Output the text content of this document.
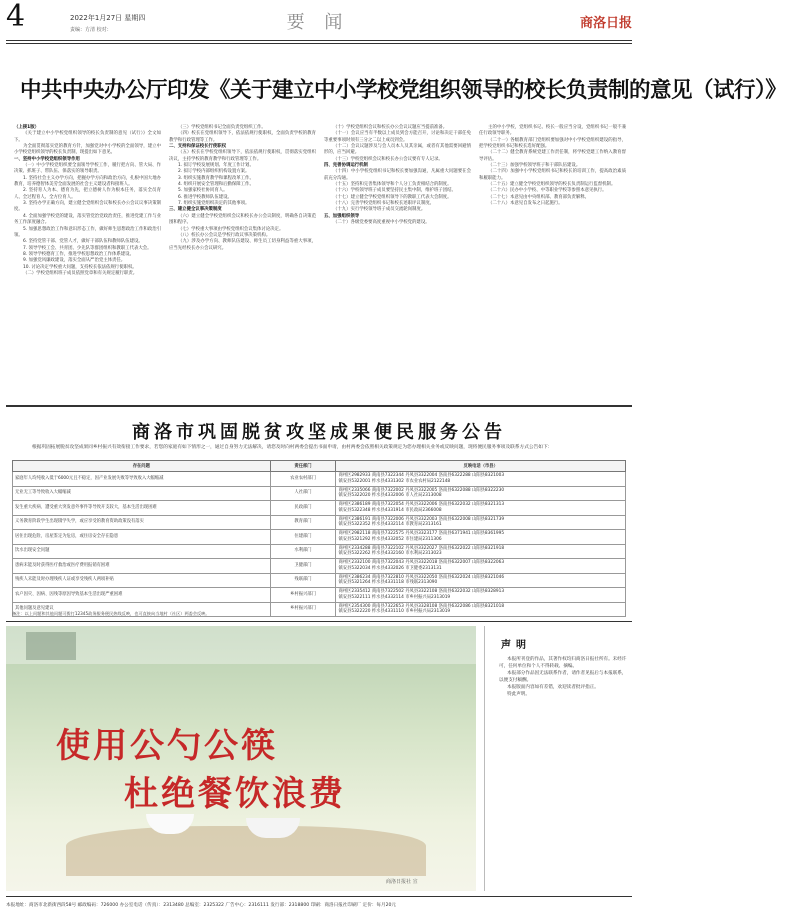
4	2022年1月27日 星期四
责编：方清 校对：	要 闻	商洛日报
中共中央办公厅印发《关于建立中小学校党组织领导的校长负责制的意见（试行）》

（上接1版）

《关于建立中小学校党组织领导的校长负责制的意见（试行）》全文如下。

为全面贯彻落实党的教育方针，加强党对中小学校的全面领导，建立中小学校党组织领导的校长负责制，现提出如下意见。

一、坚持中小学校党组织领导作用

（一）中小学校党组织要全面领导学校工作，履行把方向、管大局、作决策、抓班子、带队伍、保落实的领导职责。

1. 坚持社会主义办学方向，把握办学方向和政治方向，扎根中国大地办教育，培养德智体美劳全面发展的社会主义建设者和接班人。

2. 坚持育人为本、德育为先，把立德树人作为根本任务，落实全员育人、全过程育人、全方位育人。

3. 坚持办学正确方向，建立健全党组织会议和校长办公会议议事决策制度。

4. 全面加强学校党的建设，落实管党治党政治责任，推进党建工作与业务工作深度融合。

5. 加强思想政治工作和意识形态工作，做好师生思想政治工作和政治引领。

6. 坚持党管干部、党管人才，做好干部队伍和教师队伍建设。

7. 领导学校工会、共青团、少先队等群团组织和教职工代表大会。

8. 领导学校德育工作，推进学校思想政治工作体系建设。

9. 加强党风廉政建设，落实全面从严治党主体责任。

10. 讨论决定学校重大问题，支持校长依法依规行使职权。

（二）学校党组织班子成员依照党章和有关规定履行职责。

（三）学校党组织书记全面负责党组织工作。

（四）校长在党组织领导下，依法依规行使职权，全面负责学校的教育教学和行政管理等工作。

二、支持和保证校长行使职权

（五）校长在学校党组织领导下，依法依规行使职权，贯彻落实党组织决议，主持学校的教育教学和行政管理等工作。

1. 拟订学校发展规划、年度工作计划。

2. 拟订学校内部组织机构设置方案。

3. 组织实施教育教学和课程改革工作。

4. 组织开展安全管理和后勤保障工作。

5. 加强家校社协同育人。

6. 推进学校教师队伍建设。

7. 组织实施党组织决定的其他事项。

三、建立健全议事决策制度

（六）建立健全学校党组织会议和校长办公会议制度，明确各自决策范围和程序。

（七）学校重大事项由学校党组织会议集体讨论决定。

（八）校长办公会议是学校行政议事决策机构。

（九）涉及办学方向、教师队伍建设、师生员工切身利益等重大事项，应当先经校长办公会议研究。

（十）学校党组织会议和校长办公会议议题应当提前准备。

（十一）会议应当有半数以上成员到会方能召开，讨论和决定干部任免等重要事项时须有三分之二以上成员到会。

（十二）会议议题涉及与会人员本人及其亲属，或者有其他需要回避情形的，应当回避。

（十三）学校党组织会议和校长办公会议要有专人记录。

四、完善协调运行机制

（十四）中小学校党组织书记和校长要加强沟通，凡属重大问题要在会前充分沟通。

（十五）坚持和完善集体领导和个人分工负责相结合的制度。

（十六）学校领导班子成员要坚持民主集中制，维护班子团结。

（十七）建立健全学校党组织领导下的教职工代表大会制度。

（十八）完善学校党组织书记和校长述职评议制度。

（十九）实行学校领导班子成员交流轮岗制度。

五、加强组织领导

（二十）各级党委要高度重视中小学校党的建设。

主的中小学校，党组织书记、校长一般应当分设，党组织书记一般不兼任行政领导职务。

（二十一）各级教育部门党组织要加强对中小学校党组织建设的指导，把学校党组织书记和校长选好配强。

（二十二）健全教育系统党建工作责任制，将学校党建工作纳入教育督导评估。

（二十三）加强学校领导班子和干部队伍建设。

（二十四）加强中小学校党组织书记和校长的培训工作，提高政治素质和履职能力。

（二十五）建立健全学校党组织领导的校长负责制运行监督机制。

（二十六）民办中小学校、中等职业学校等参照本意见执行。

（二十七）本意见由中央组织部、教育部负责解释。

（二十八）本意见自发布之日起施行。

商洛市巩固脱贫攻坚成果便民服务公告
根据巩固拓展脱贫攻坚成果同乡村振兴有效衔接工作要求，若您的家庭有如下情形之一，通过自身努力无法解决，请您及时向村两委会提出书面申请，由村两委会依照相关政策规定为您办理相关业务或反映问题，现将便民服务事项及联系方式公告如下：
存在问题	责任部门	反映电话（市县）
家庭年人均纯收入低于6000元且不稳定，因产业发展失败等导致收入大幅缩减	农业农村部门	商州区2982933 商南县7322344 丹凤县3322004 洛南县6322288 山阳县8321003
镇安县5322001 柞水县4331302 市农业农村局2122148
无业无工等导致收入大幅缩减	人社部门	商州区2335066 商南县7322002 丹凤县3322005 洛南县6322088 山阳县8322230
镇安县5322020 柞水县4332006 市人社局2313008
发生重大疾病、遭受重大突发意外事件等导致开支较大，基本生活出现困难	民政部门	商州区2386189 商南县7322054 丹凤县3322006 洛南县6322032 山阳县8321313
镇安县5322348 柞水县4331914 市民政局2366008
义务教育阶段学生出现辍学失学，或应享受的教育资助政策没有落实	教育部门	商州区2386191 商南县7322006 丹凤县3322003 洛南县6322008 山阳县8321739
镇安县5322352 柞水县4332114 市教育局2313161
居住出现危险，房屋鉴定为危房，或住房安全存在隐患	住建部门	商州区2982118 商南县7322575 丹凤县3323177 洛南县6371941 山阳县8361995
镇安县5321292 柞水县4332052 市住建局2311306
饮水出现安全问题	水利部门	商州区2334288 商南县7322102 丹凤县3322027 洛南县6322022 山阳县8321918
镇安县5322262 柞水县4332160 市水利局2313023
患病未能及时获得医疗救治或医疗费用报销有困难	卫健部门	商州区2332100 商南县7322043 丹凤县3322018 洛南县6322007 山阳县8322063
镇安县5322034 柞水县4332026 市卫健委2313131
残疾人未能及时办理残疾人证或享受残疾人两项补贴	残联部门	商州区2386234 商南县7322810 丹凤县3322050 洛南县6322024 山阳县8321046
镇安县5321264 柞水县4331118 市残联2313090
农户因灾、因病、因残等原因导致基本生活出现严重困难	乡村振兴部门	商州区2335412 商南县7322502 丹凤县3322108 洛南县6322032 山阳县8328913
镇安县5322111 柞水县4332114 市乡村振兴局2313019
其他问题及意见建议	乡村振兴部门	商州区2354300 商南县7322653 丹凤县3328108 洛南县6322086 山阳县8321018
镇安县5322220 柞水县4331110 市乡村振兴局2313019
备注：以上问题和其他问题可拨打12345政务服务便民热线反映，也可直接向当地村（社区）两委会反映。
使用公勺公筷
杜绝餐饮浪费
商洛日报社 宣
声明

本报所刊登的作品，其著作权均归商洛日报社所有。未经许可，任何单位和个人不得转载、摘编。

本报部分作品因无法联系作者，请作者见报后与本报联系，以便支付稿酬。

本报版面内容如有差错，欢迎读者批评指正。

特此声明。

本报地址：商洛市北新街西段58号 邮政编码：726000 办公室电话（传真）：2313480 总编室：2325322 广告中心：2316111 发行部：2318800 印刷：商洛日报社印刷厂 定价：每月20元
